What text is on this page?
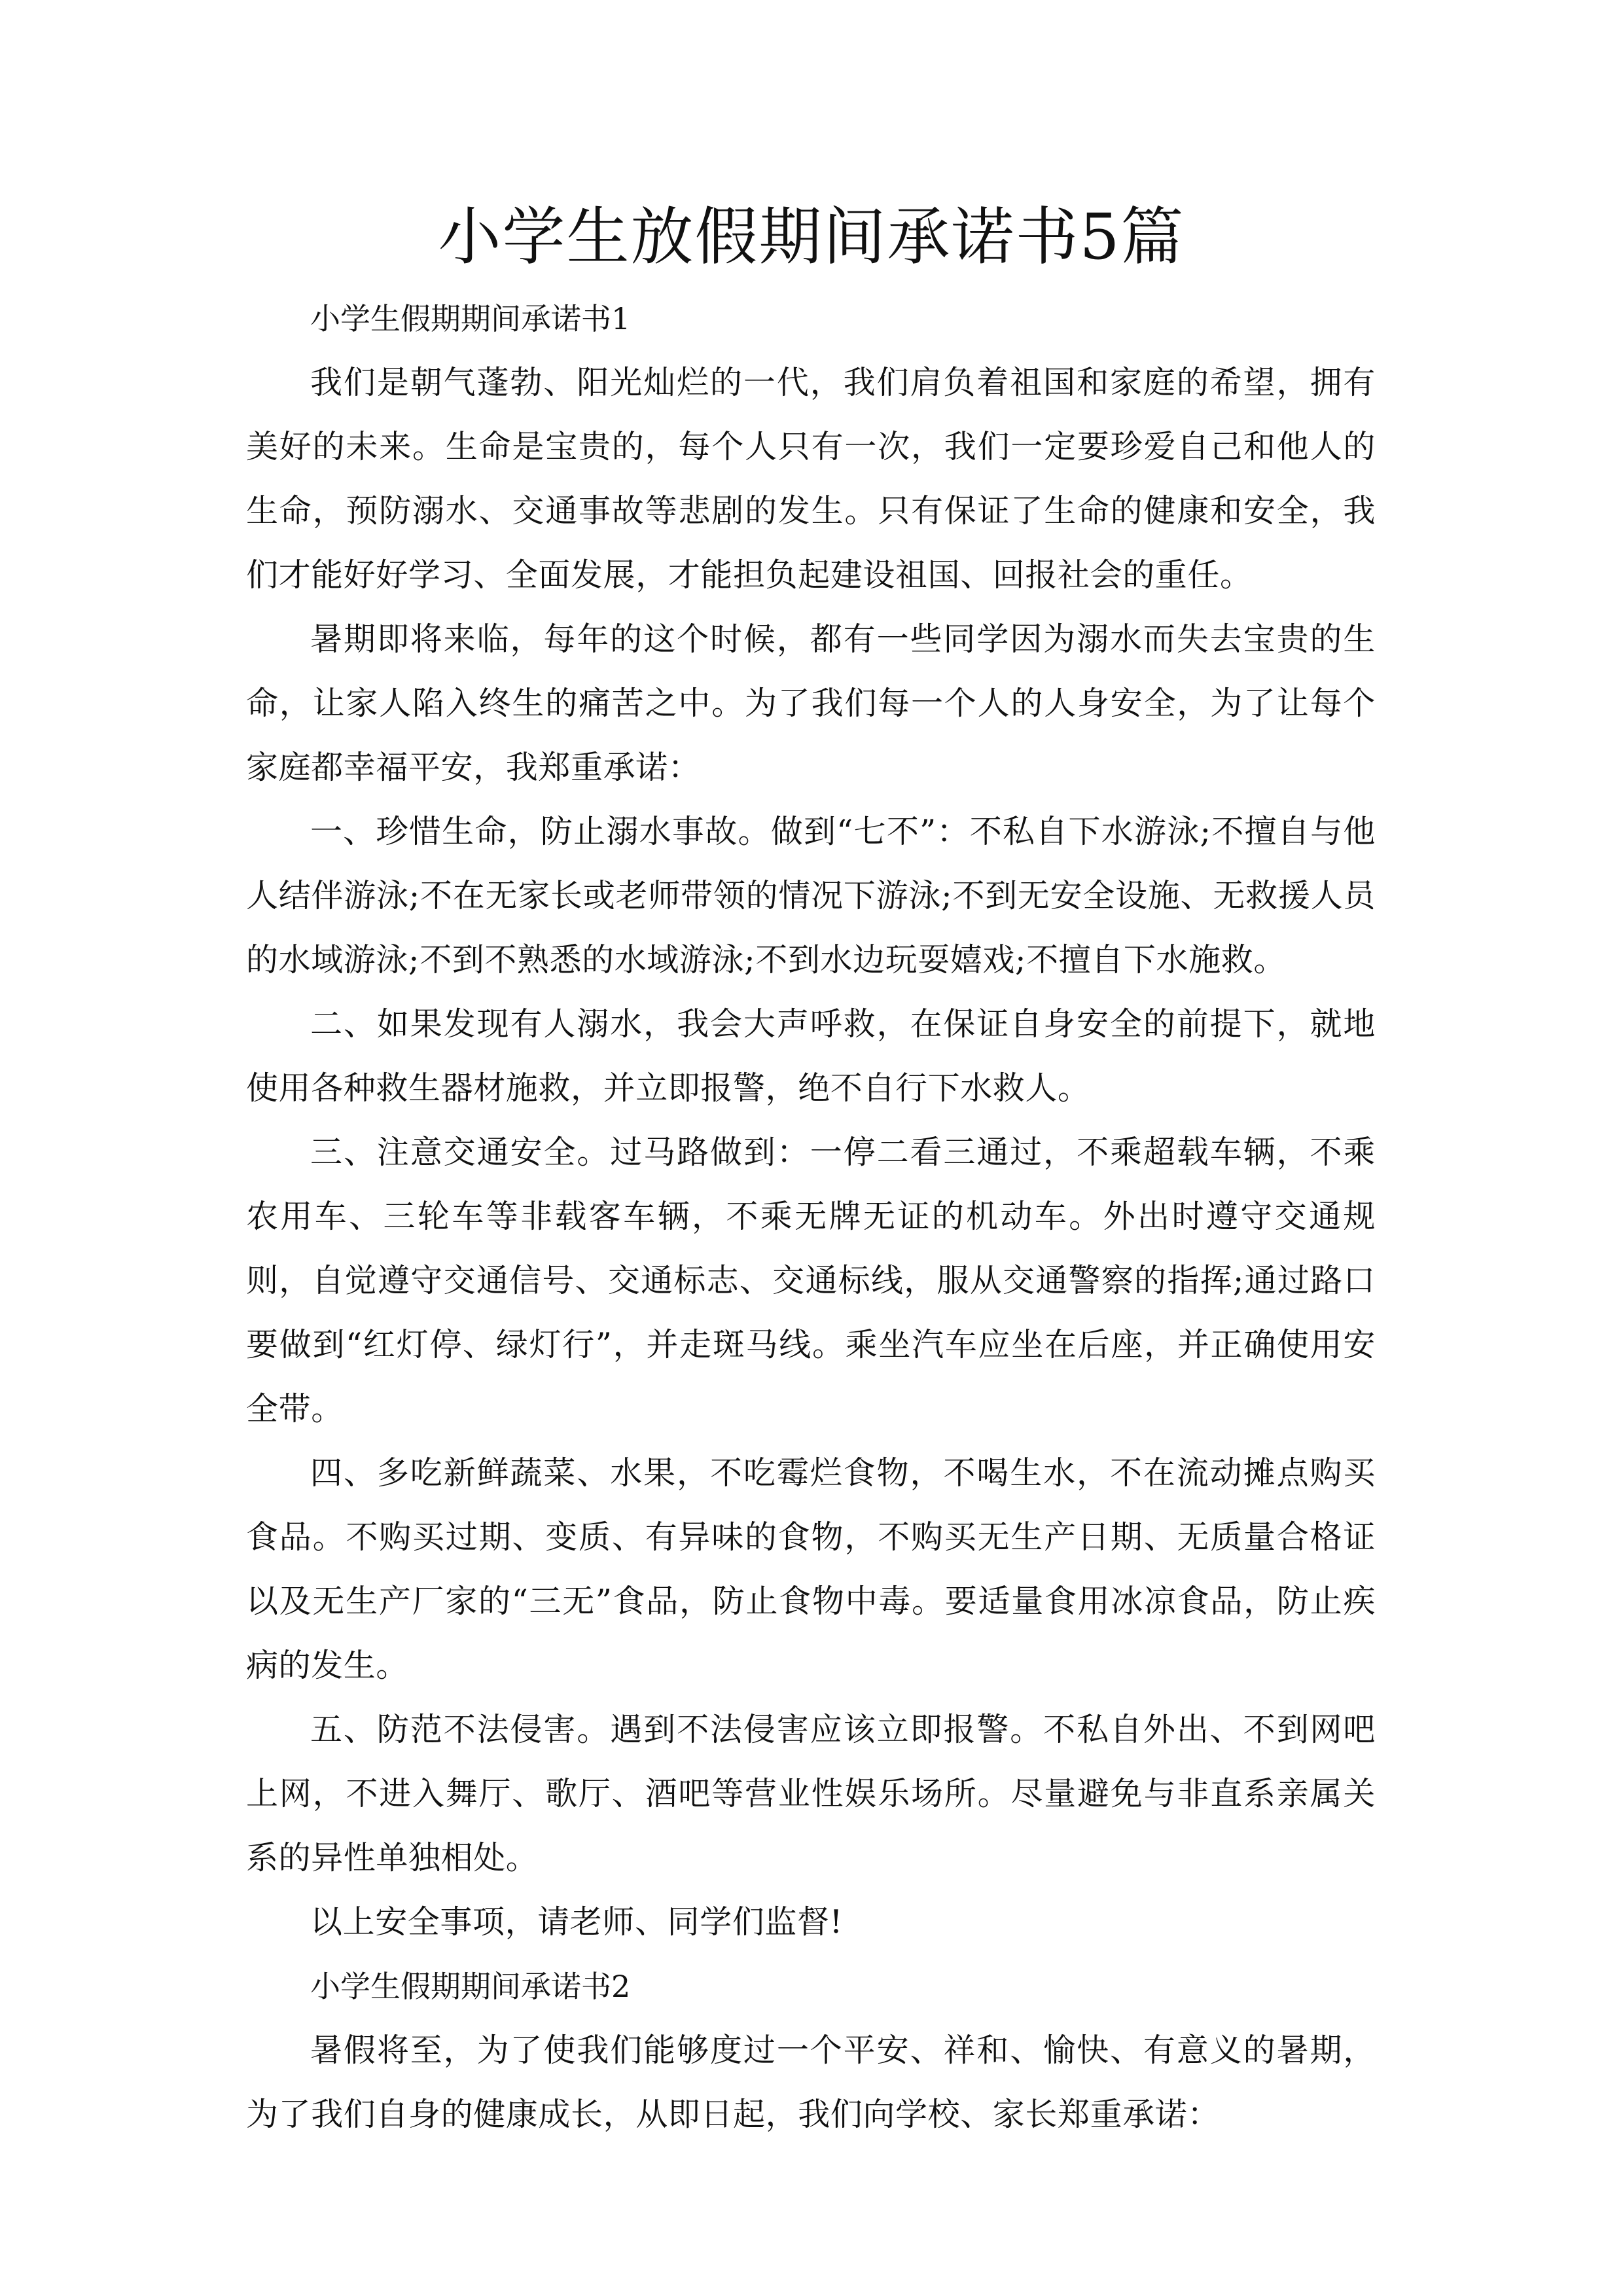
小学生放假期间承诺书5篇

小学生假期期间承诺书1

我们是朝气蓬勃、阳光灿烂的一代，我们肩负着祖国和家庭的希望，拥有美好的未来。生命是宝贵的，每个人只有一次，我们一定要珍爱自己和他人的生命，预防溺水、交通事故等悲剧的发生。只有保证了生命的健康和安全，我们才能好好学习、全面发展，才能担负起建设祖国、回报社会的重任。

暑期即将来临，每年的这个时候，都有一些同学因为溺水而失去宝贵的生命，让家人陷入终生的痛苦之中。为了我们每一个人的人身安全，为了让每个家庭都幸福平安，我郑重承诺：

一、珍惜生命，防止溺水事故。做到“七不”：不私自下水游泳;不擅自与他人结伴游泳;不在无家长或老师带领的情况下游泳;不到无安全设施、无救援人员的水域游泳;不到不熟悉的水域游泳;不到水边玩耍嬉戏;不擅自下水施救。

二、如果发现有人溺水，我会大声呼救，在保证自身安全的前提下，就地使用各种救生器材施救，并立即报警，绝不自行下水救人。

三、注意交通安全。过马路做到：一停二看三通过，不乘超载车辆，不乘农用车、三轮车等非载客车辆，不乘无牌无证的机动车。外出时遵守交通规则，自觉遵守交通信号、交通标志、交通标线，服从交通警察的指挥;通过路口要做到“红灯停、绿灯行”，并走斑马线。乘坐汽车应坐在后座，并正确使用安全带。

四、多吃新鲜蔬菜、水果，不吃霉烂食物，不喝生水，不在流动摊点购买食品。不购买过期、变质、有异味的食物，不购买无生产日期、无质量合格证以及无生产厂家的“三无”食品，防止食物中毒。要适量食用冰凉食品，防止疾病的发生。

五、防范不法侵害。遇到不法侵害应该立即报警。不私自外出、不到网吧上网，不进入舞厅、歌厅、酒吧等营业性娱乐场所。尽量避免与非直系亲属关系的异性单独相处。

以上安全事项，请老师、同学们监督!

小学生假期期间承诺书2

暑假将至，为了使我们能够度过一个平安、祥和、愉快、有意义的暑期，为了我们自身的健康成长，从即日起，我们向学校、家长郑重承诺：
